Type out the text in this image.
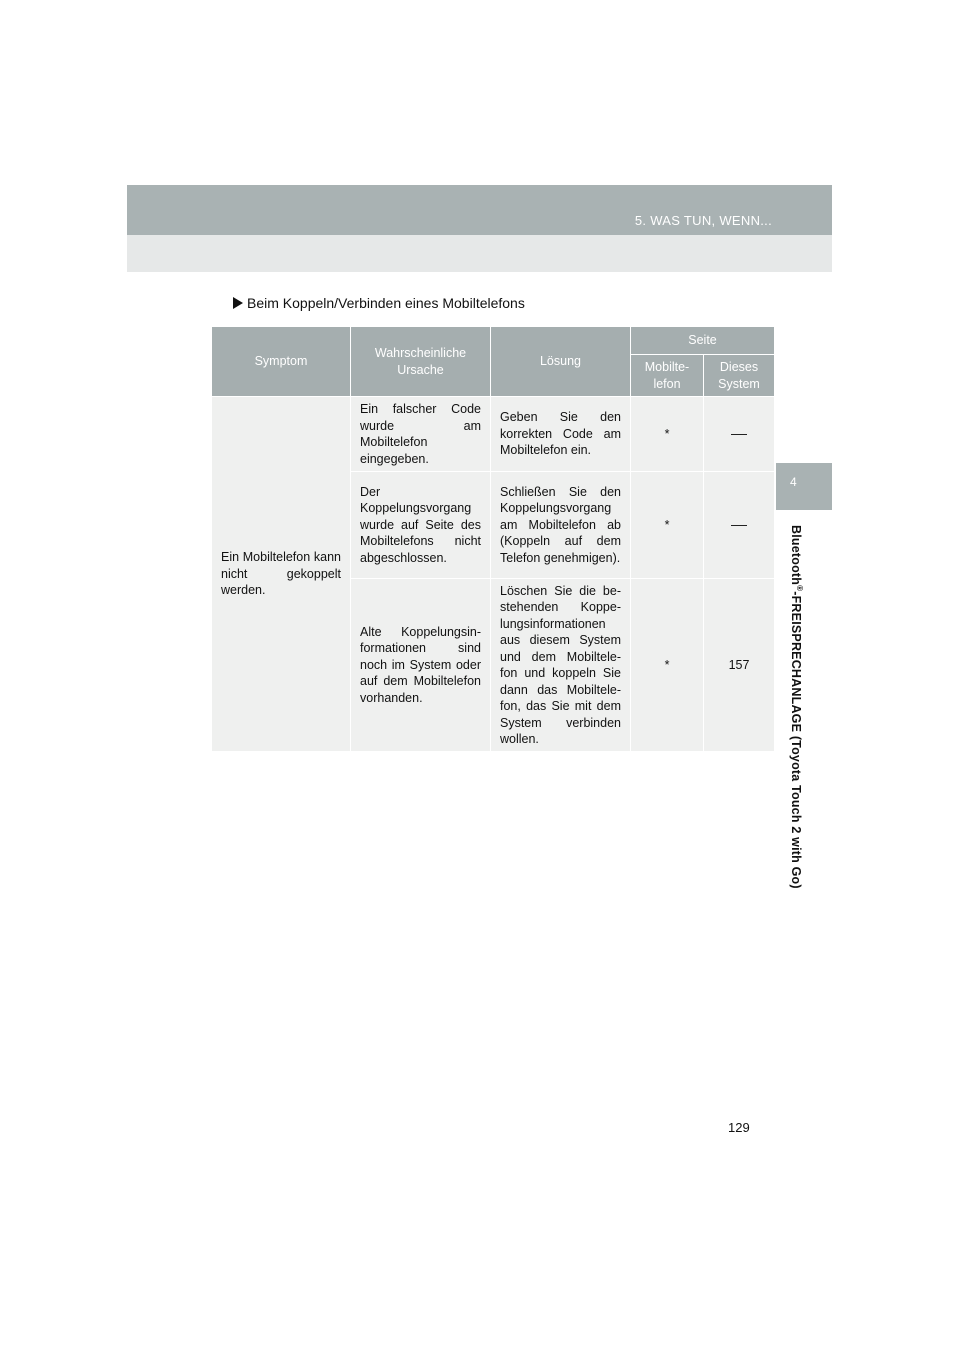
5. WAS TUN, WENN...
4
Bluetooth®-FREISPRECHANLAGE (Toyota Touch 2 with Go)
Beim Koppeln/Verbinden eines Mobiltelefons
Symptom	Wahrscheinliche Ursache	Lösung	Seite	
			Mobilte-lefon	Dieses System
Ein Mobiltelefon kann nicht gekoppelt werden.	Ein falscher Code wurde am Mobiltelefon eingegeben.	Geben Sie den korrekten Code am Mobiltelefon ein.	*	
	Der Koppelungsvorgang wurde auf Seite des Mobiltelefons nicht abgeschlossen.	Schließen Sie den Koppelungsvorgang am Mobiltelefon ab (Koppeln auf dem Telefon genehmigen).	*	
	Alte Koppelungsin-formationen sind noch im System oder auf dem Mobiltelefon vorhanden.	Löschen Sie die be-stehenden Koppe-lungsinformationen aus diesem System und dem Mobiltele-fon und koppeln Sie dann das Mobiltele-fon, das Sie mit dem System verbinden wollen.	*	157
129
